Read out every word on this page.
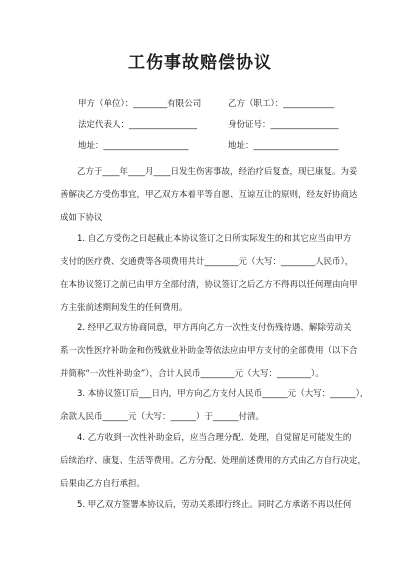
工伤事故赔偿协议
甲方（单位）：________有限公司	乙方（职工）：____________
法定代表人：________________	身份证号：________________
地址：____________________	地址：____________________
乙方于____年____月____日发生伤害事故，经治疗后复查，现已康复。为妥
善解决乙方受伤事宜，甲乙双方本着平等自愿、互谅互让的原则，经友好协商达
成如下协议
1. 自乙方受伤之日起截止本协议签订之日所实际发生的和其它应当由甲方
支付的医疗费、交通费等各项费用共计________元（大写：________人民币），
在本协议签订之前已由甲方全部付清，协议签订之后乙方不得再以任何理由向甲
方主张前述期间发生的任何费用。
2. 经甲乙双方协商同意，甲方再向乙方一次性支付伤残待遇、解除劳动关
系一次性医疗补助金和伤残就业补助金等依法应由甲方支付的全部费用（以下合
并简称“一次性补助金”），合计人民币________元（大写：________）。
3. 本协议签订后___日内，甲方向乙方支付人民币______元（大写：______），
余款人民币______元（大写：______）于______付清。
4. 乙方收到一次性补助金后，应当合理分配、处理，自觉留足可能发生的
后续治疗、康复、生活等费用。乙方分配、处理前述费用的方式由乙方自行决定，
后果由乙方自行承担。
5. 甲乙双方签署本协议后，劳动关系即行终止。同时乙方承诺不再以任何
